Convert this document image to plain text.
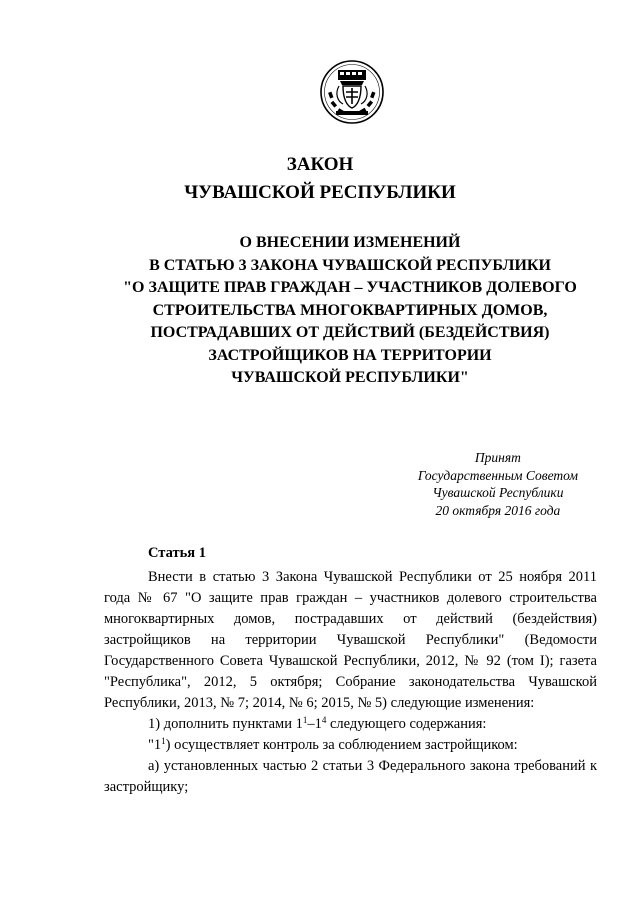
ЗАКОН
ЧУВАШСКОЙ РЕСПУБЛИКИ
О ВНЕСЕНИИ ИЗМЕНЕНИЙ
В СТАТЬЮ 3 ЗАКОНА ЧУВАШСКОЙ РЕСПУБЛИКИ
"О ЗАЩИТЕ ПРАВ ГРАЖДАН – УЧАСТНИКОВ ДОЛЕВОГО
СТРОИТЕЛЬСТВА МНОГОКВАРТИРНЫХ ДОМОВ,
ПОСТРАДАВШИХ ОТ ДЕЙСТВИЙ (БЕЗДЕЙСТВИЯ)
ЗАСТРОЙЩИКОВ НА ТЕРРИТОРИИ
ЧУВАШСКОЙ РЕСПУБЛИКИ"
Принят
Государственным Советом
Чувашской Республики
20 октября 2016 года
Статья 1

Внести в статью 3 Закона Чувашской Республики от 25 ноября 2011 года № 67 "О защите прав граждан – участников долевого строительства многоквартирных домов, пострадавших от действий (бездействия) застройщиков на территории Чувашской Республики" (Ведомости Государственного Совета Чувашской Республики, 2012, № 92 (том I); газета "Республика", 2012, 5 октября; Собрание законодательства Чувашской Республики, 2013, № 7; 2014, № 6; 2015, № 5) следующие изменения:

1) дополнить пунктами $1^1-1^4$ следующего содержания:

"$1^1$) осуществляет контроль за соблюдением застройщиком:

а) установленных частью 2 статьи 3 Федерального закона требований к застройщику;
